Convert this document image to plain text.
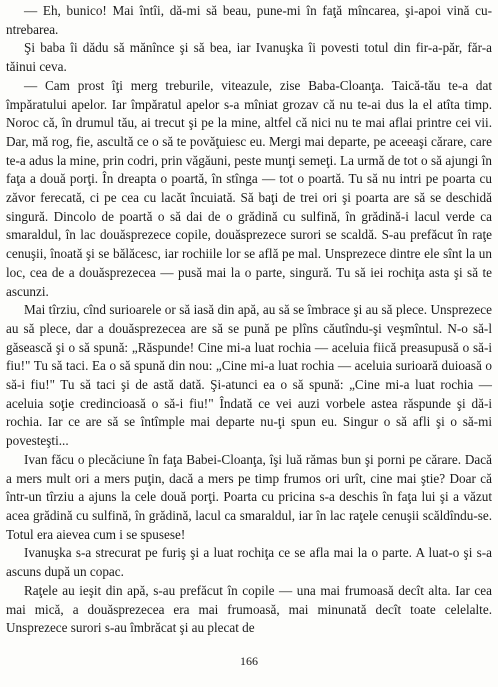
— Eh, bunico! Mai întîi, dă-mi să beau, pune-mi în faţă mîncarea, şi-apoi vină cu-ntrebarea.

Şi baba îi dădu să mănînce şi să bea, iar Ivanuşka îi povesti totul din fir-a-păr, făr-a tăinui ceva.

— Cam prost îţi merg treburile, viteazule, zise Baba-Cloanţa. Taică-tău te-a dat împăratului apelor. Iar împăratul apelor s-a mîniat grozav că nu te-ai dus la el atîta timp. Noroc că, în drumul tău, ai trecut şi pe la mine, altfel că nici nu te mai aflai printre cei vii. Dar, mă rog, fie, ascultă ce o să te povăţuiesc eu. Mergi mai departe, pe aceeaşi cărare, care te-a adus la mine, prin codri, prin văgăuni, peste munţi semeţi. La urmă de tot o să ajungi în faţa a două porţi. În dreapta o poartă, în stînga — tot o poartă. Tu să nu intri pe poarta cu zăvor ferecată, ci pe cea cu lacăt încuiată. Să baţi de trei ori şi poarta are să se deschidă singură. Dincolo de poartă o să dai de o grădină cu sulfină, în grădină-i lacul verde ca smaraldul, în lac douăsprezece copile, douăsprezece surori se scaldă. S-au prefăcut în raţe cenuşii, înoată şi se bălăcesc, iar rochiile lor se află pe mal. Unsprezece dintre ele sînt la un loc, cea de a douăsprezecea — pusă mai la o parte, singură. Tu să iei rochiţa asta şi să te ascunzi.

Mai tîrziu, cînd surioarele or să iasă din apă, au să se îmbrace şi au să plece. Unsprezece au să plece, dar a douăsprezecea are să se pună pe plîns căutîndu-şi veşmîntul. N-o să-l găsească şi o să spună: „Răspunde! Cine mi-a luat rochia — aceluia fiică preasupusă o să-i fiu!" Tu să taci. Ea o să spună din nou: „Cine mi-a luat rochia — aceluia surioară duioasă o să-i fiu!" Tu să taci şi de astă dată. Şi-atunci ea o să spună: „Cine mi-a luat rochia — aceluia soţie credincioasă o să-i fiu!" Îndată ce vei auzi vorbele astea răspunde şi dă-i rochia. Iar ce are să se întîmple mai departe nu-ţi spun eu. Singur o să afli şi o să-mi povesteşti...

Ivan făcu o plecăciune în faţa Babei-Cloanţa, îşi luă rămas bun şi porni pe cărare. Dacă a mers mult ori a mers puţin, dacă a mers pe timp frumos ori urît, cine mai ştie? Doar că într-un tîrziu a ajuns la cele două porţi. Poarta cu pricina s-a deschis în faţa lui şi a văzut acea grădină cu sulfină, în grădină, lacul ca smaraldul, iar în lac raţele cenuşii scăldîndu-se. Totul era aievea cum i se spusese!

Ivanuşka s-a strecurat pe furiş şi a luat rochiţa ce se afla mai la o parte. A luat-o şi s-a ascuns după un copac.

Raţele au ieşit din apă, s-au prefăcut în copile — una mai frumoasă decît alta. Iar cea mai mică, a douăsprezecea era mai frumoasă, mai minunată decît toate celelalte. Unsprezece surori s-au îmbrăcat şi au plecat de

166
